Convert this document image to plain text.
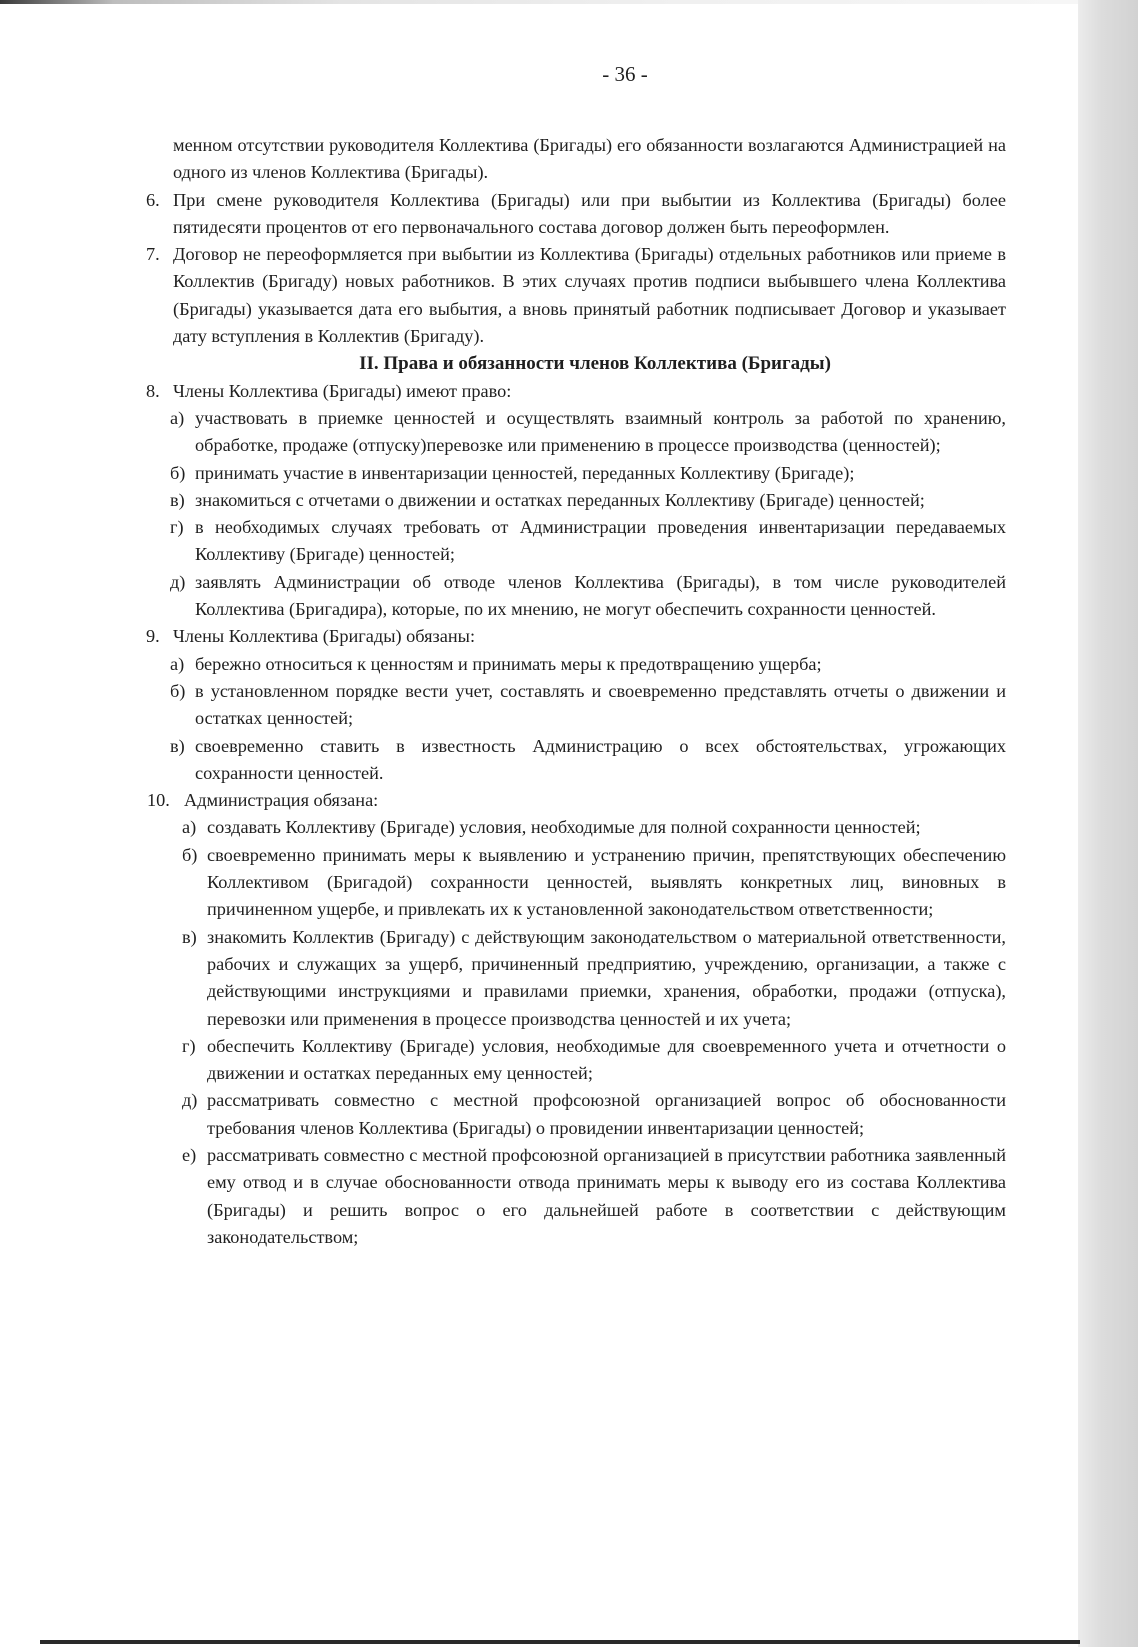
- 36 -

менном отсутствии руководителя Коллектива (Бригады) его обязанности возлагаются Администрацией на одного из членов Коллектива (Бригады).

6. При смене руководителя Коллектива (Бригады) или при выбытии из Коллектива (Бригады) более пятидесяти процентов от его первоначального состава договор должен быть переоформлен.

7. Договор не переоформляется при выбытии из Коллектива (Бригады) отдельных работников или приеме в Коллектив (Бригаду) новых работников. В этих случаях против подписи выбывшего члена Коллектива (Бригады) указывается дата его выбытия, а вновь принятый работник подписывает Договор и указывает дату вступления в Коллектив (Бригаду).

II. Права и обязанности членов Коллектива (Бригады)

8. Члены Коллектива (Бригады) имеют право:

а) участвовать в приемке ценностей и осуществлять взаимный контроль за работой по хранению, обработке, продаже (отпуску)перевозке или применению в процессе производства (ценностей);

б) принимать участие в инвентаризации ценностей, переданных Коллективу (Бригаде);

в) знакомиться с отчетами о движении и остатках переданных Коллективу (Бригаде) ценностей;

г) в необходимых случаях требовать от Администрации проведения инвентаризации передаваемых Коллективу (Бригаде) ценностей;

д) заявлять Администрации об отводе членов Коллектива (Бригады), в том числе руководителей Коллектива (Бригадира), которые, по их мнению, не могут обеспечить сохранности ценностей.

9. Члены Коллектива (Бригады) обязаны:

а) бережно относиться к ценностям и принимать меры к предотвращению ущерба;

б) в установленном порядке вести учет, составлять и своевременно представлять отчеты о движении и остатках ценностей;

в) своевременно ставить в известность Администрацию о всех обстоятельствах, угрожающих сохранности ценностей.

10. Администрация обязана:

а) создавать Коллективу (Бригаде) условия, необходимые для полной сохранности ценностей;

б) своевременно принимать меры к выявлению и устранению причин, препятствующих обеспечению Коллективом (Бригадой) сохранности ценностей, выявлять конкретных лиц, виновных в причиненном ущербе, и привлекать их к установленной законодательством ответственности;

в) знакомить Коллектив (Бригаду) с действующим законодательством о материальной ответственности, рабочих и служащих за ущерб, причиненный предприятию, учреждению, организации, а также с действующими инструкциями и правилами приемки, хранения, обработки, продажи (отпуска), перевозки или применения в процессе производства ценностей и их учета;

г) обеспечить Коллективу (Бригаде) условия, необходимые для своевременного учета и отчетности о движении и остатках переданных ему ценностей;

д) рассматривать совместно с местной профсоюзной организацией вопрос об обоснованности требования членов Коллектива (Бригады) о провидении инвентаризации ценностей;

е) рассматривать совместно с местной профсоюзной организацией в присутствии работника заявленный ему отвод и в случае обоснованности отвода принимать меры к выводу его из состава Коллектива (Бригады) и решить вопрос о его дальнейшей работе в соответствии с действующим законодательством;
